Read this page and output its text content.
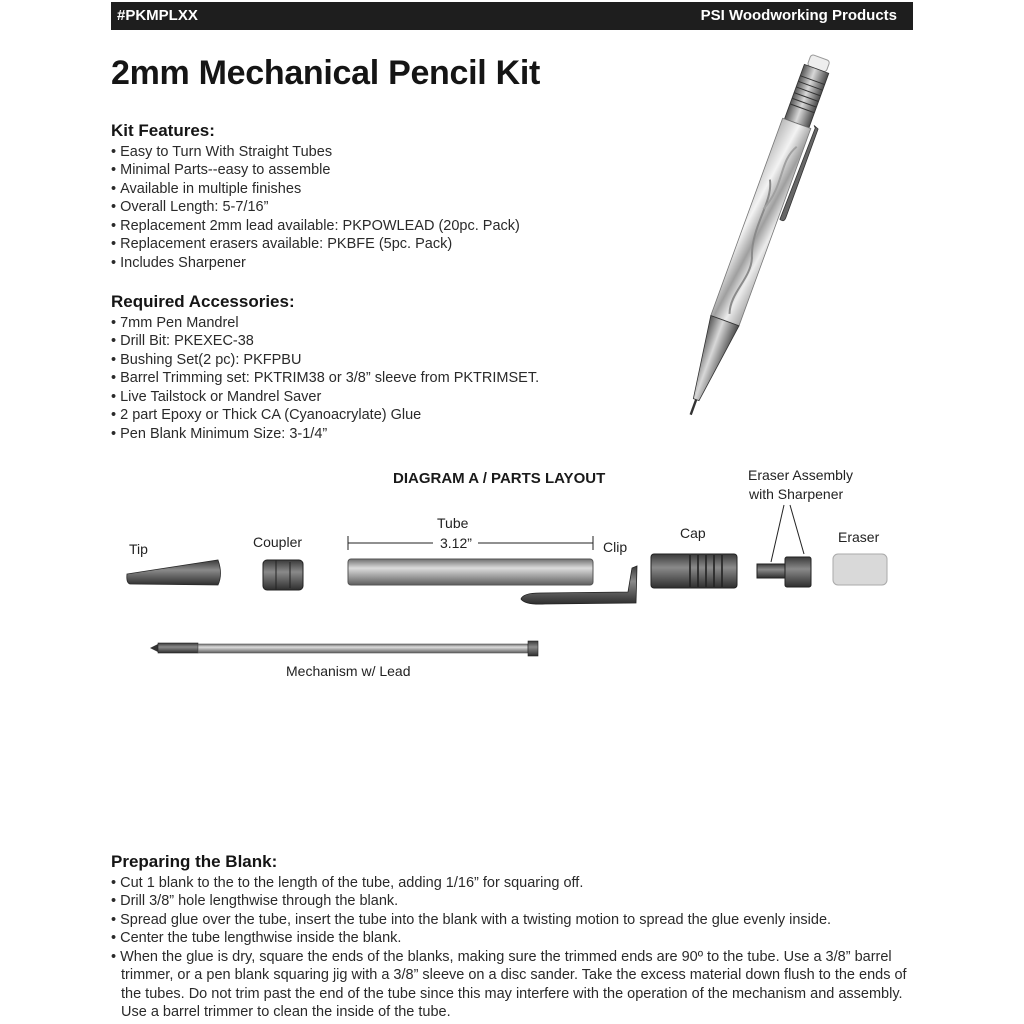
#PKMPLXX	PSI Woodworking Products
2mm Mechanical Pencil Kit
Kit Features:
• Easy to Turn With Straight Tubes
• Minimal Parts--easy to assemble
• Available in multiple finishes
• Overall Length: 5-7/16”
• Replacement 2mm lead available: PKPOWLEAD (20pc. Pack)
• Replacement erasers available: PKBFE (5pc. Pack)
• Includes Sharpener
Required Accessories:
• 7mm Pen Mandrel
• Drill Bit: PKEXEC-38
• Bushing Set(2 pc): PKFPBU
• Barrel Trimming set: PKTRIM38 or 3/8” sleeve from PKTRIMSET.
• Live Tailstock or Mandrel Saver
• 2 part Epoxy or Thick CA (Cyanoacrylate) Glue
• Pen Blank Minimum Size: 3-1/4”
DIAGRAM A / PARTS LAYOUT
Tip	Coupler
Tube
3.12”	Clip
Cap
Eraser Assembly
with Sharpener
Eraser
Mechanism w/ Lead
Preparing the Blank:
• Cut 1 blank to the to the length of the tube, adding 1/16” for squaring off.
• Drill 3/8” hole lengthwise through the blank.
• Spread glue over the tube, insert the tube into the blank with a twisting motion to spread the glue evenly inside.
• Center the tube lengthwise inside the blank.
• When the glue is dry, square the ends of the blanks, making sure the trimmed ends are 90º to the tube. Use a 3/8” barrel trimmer, or a pen blank squaring jig with a 3/8” sleeve on a disc sander. Take the excess material down flush to the ends of the tubes. Do not trim past the end of the tube since this may interfere with the operation of the mechanism and assembly. Use a barrel trimmer to clean the inside of the tube.
